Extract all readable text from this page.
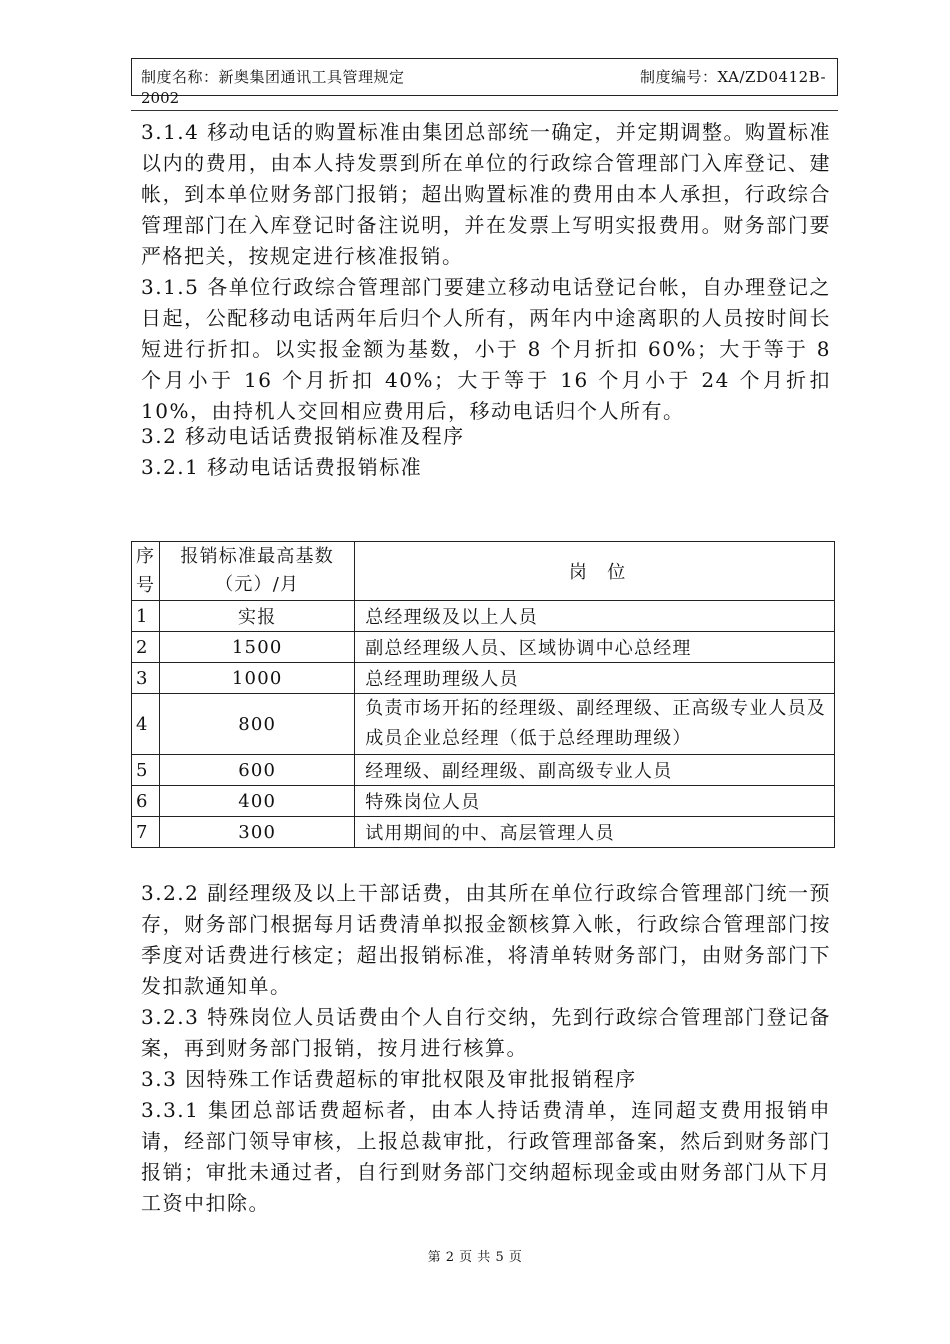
制度名称：新奥集团通讯工具管理规定	制度编号：XA/ZD0412B-
2002

3.1.4 移动电话的购置标准由集团总部统一确定，并定期调整。购置标准以内的费用，由本人持发票到所在单位的行政综合管理部门入库登记、建帐，到本单位财务部门报销；超出购置标准的费用由本人承担，行政综合管理部门在入库登记时备注说明，并在发票上写明实报费用。财务部门要严格把关，按规定进行核准报销。

3.1.5 各单位行政综合管理部门要建立移动电话登记台帐，自办理登记之日起，公配移动电话两年后归个人所有，两年内中途离职的人员按时间长短进行折扣。以实报金额为基数，小于 8 个月折扣 60%；大于等于 8 个月小于 16 个月折扣 40%；大于等于 16 个月小于 24 个月折扣 10%，由持机人交回相应费用后，移动电话归个人所有。

3.2 移动电话话费报销标准及程序

3.2.1 移动电话话费报销标准

序号	报销标准最高基数（元）/月	岗　位
1	实报	总经理级及以上人员
2	1500	副总经理级人员、区域协调中心总经理
3	1000	总经理助理级人员
4	800	负责市场开拓的经理级、副经理级、正高级专业人员及成员企业总经理（低于总经理助理级）
5	600	经理级、副经理级、副高级专业人员
6	400	特殊岗位人员
7	300	试用期间的中、高层管理人员

3.2.2 副经理级及以上干部话费，由其所在单位行政综合管理部门统一预存，财务部门根据每月话费清单拟报金额核算入帐，行政综合管理部门按季度对话费进行核定；超出报销标准，将清单转财务部门，由财务部门下发扣款通知单。

3.2.3 特殊岗位人员话费由个人自行交纳，先到行政综合管理部门登记备案，再到财务部门报销，按月进行核算。

3.3 因特殊工作话费超标的审批权限及审批报销程序

3.3.1 集团总部话费超标者，由本人持话费清单，连同超支费用报销申请，经部门领导审核，上报总裁审批，行政管理部备案，然后到财务部门报销；审批未通过者，自行到财务部门交纳超标现金或由财务部门从下月工资中扣除。

第 2 页 共 5 页
